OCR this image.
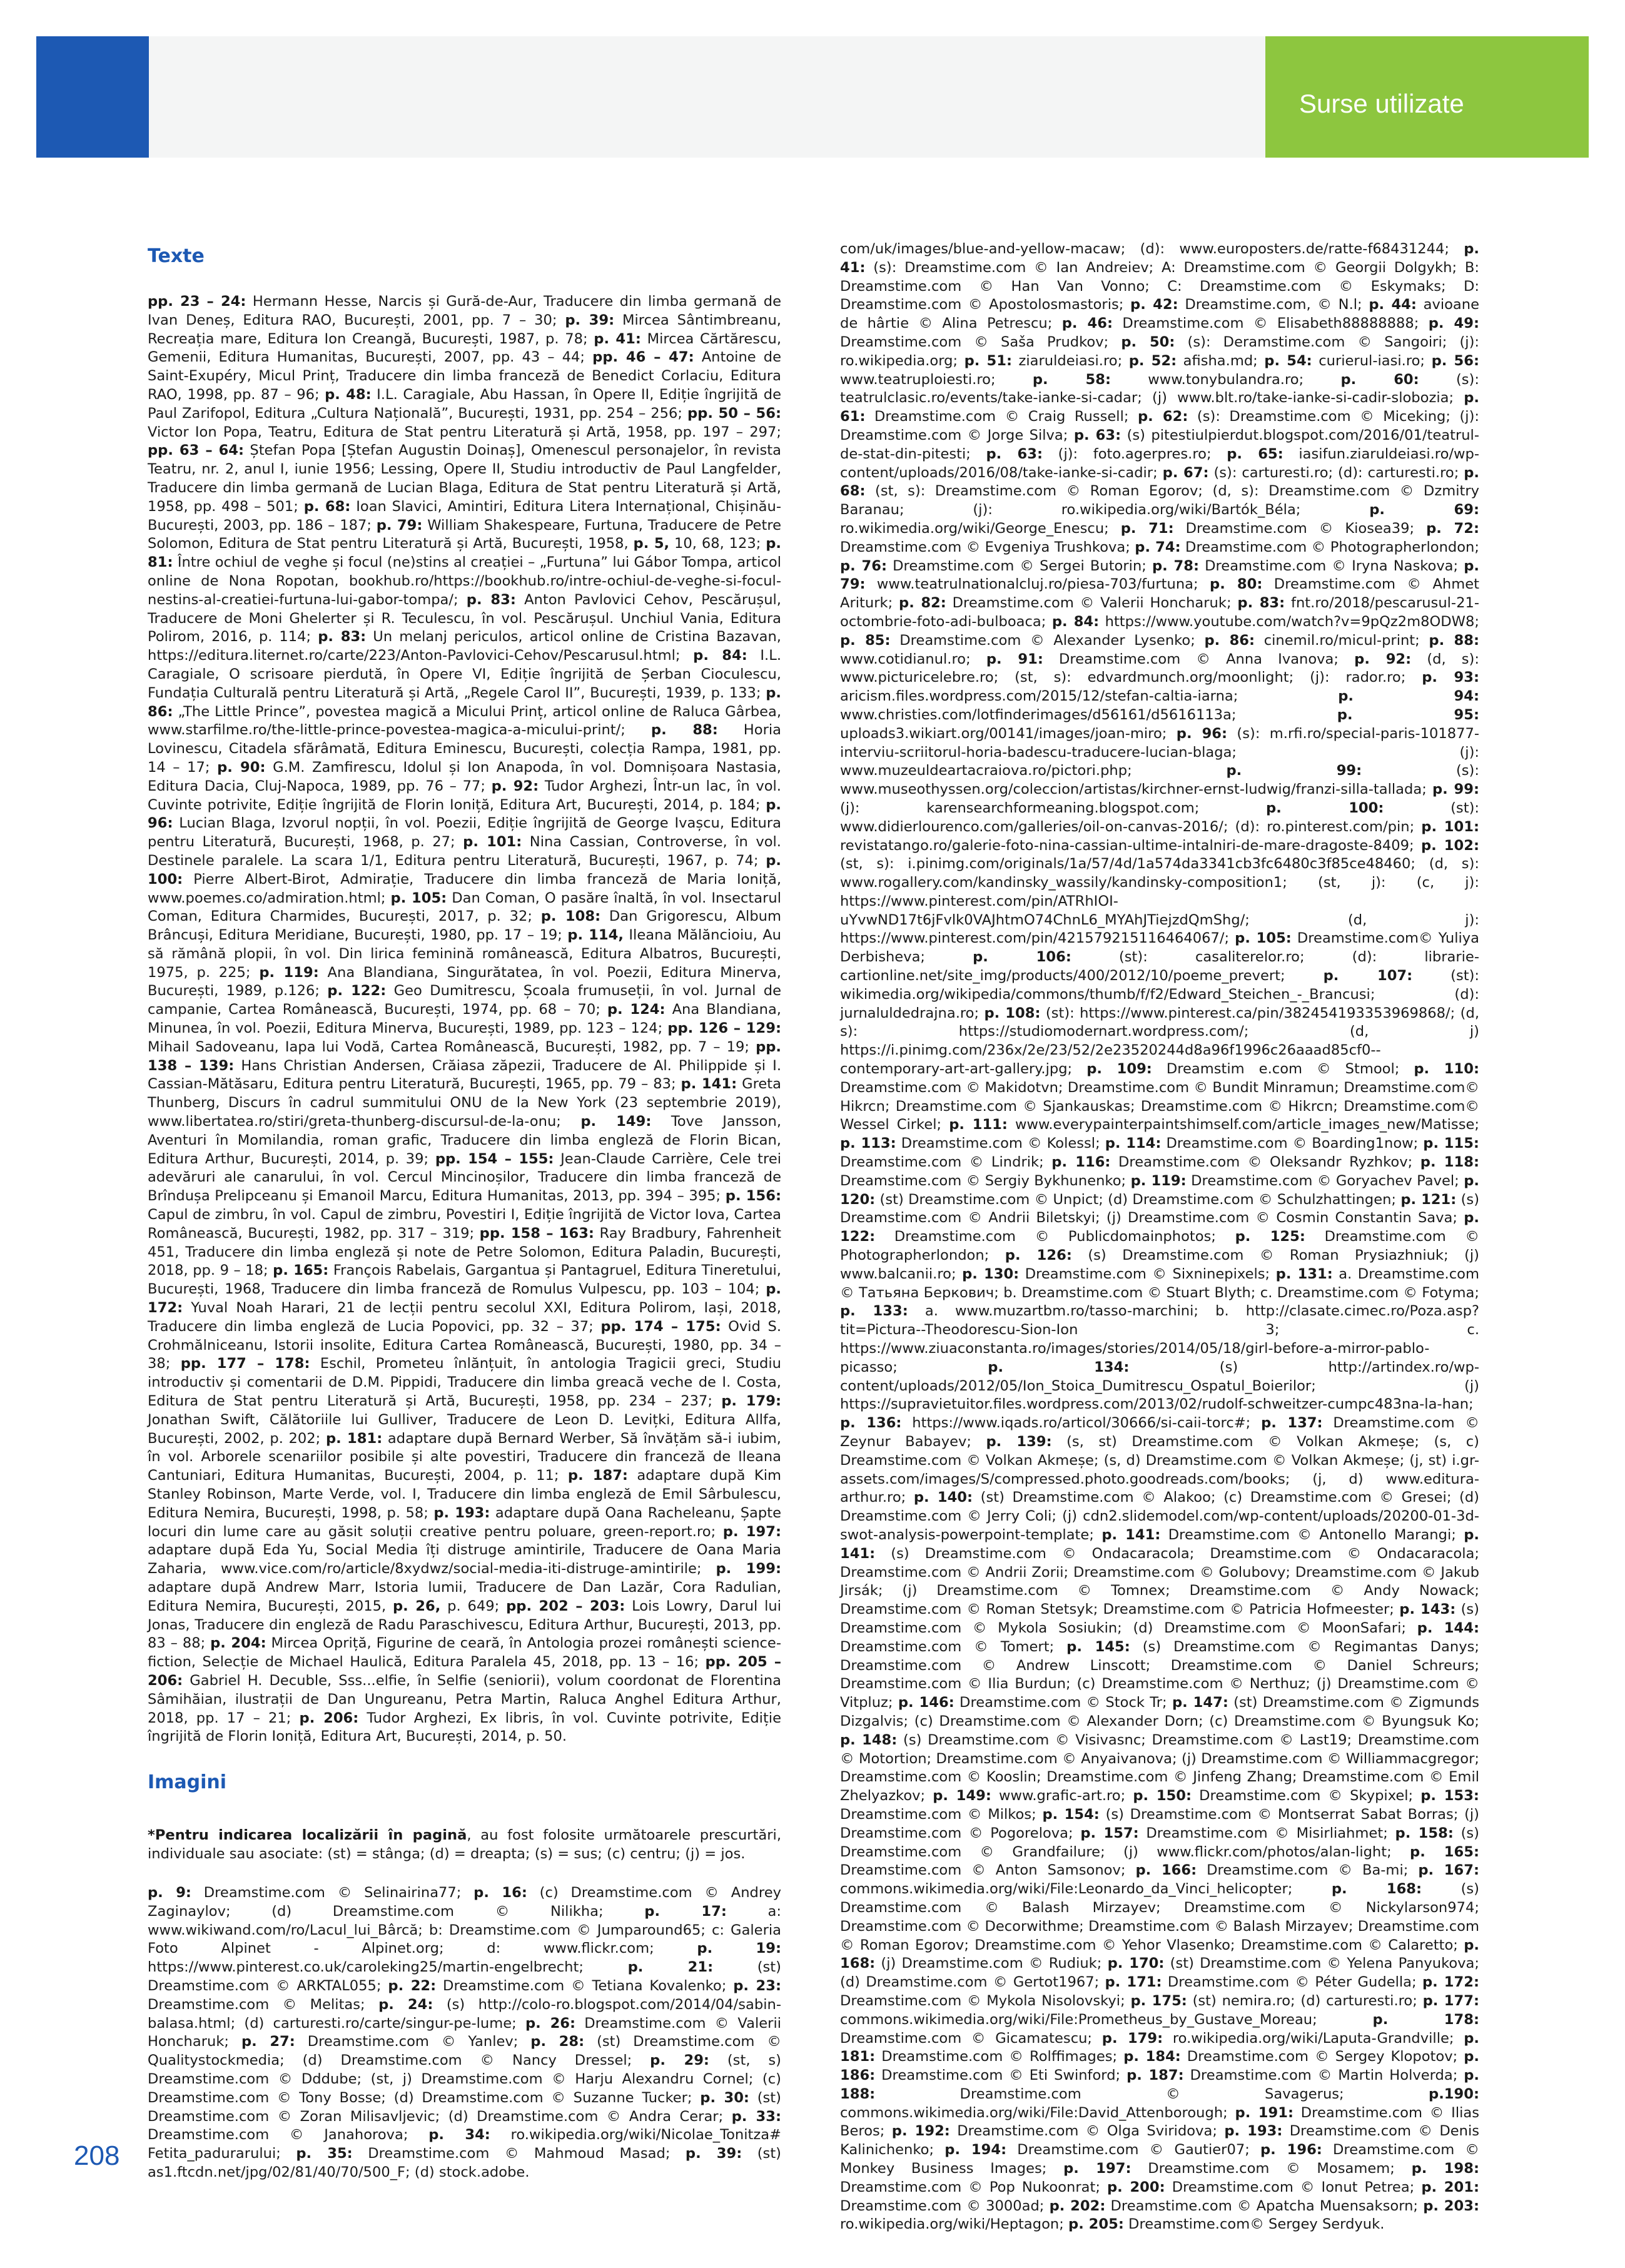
Surse utilizate
Texte

pp. 23 – 24: Hermann Hesse, Narcis și Gură-de-Aur, Traducere din limba germană de Ivan Deneș, Editura RAO, București, 2001, pp. 7 – 30; p. 39: Mircea Sântimbreanu, Recreația mare, Editura Ion Creangă, București, 1987, p. 78; p. 41: Mircea Cărtărescu, Gemenii, Editura Humanitas, București, 2007, pp. 43 – 44; pp. 46 – 47: Antoine de Saint-Exupéry, Micul Prinț, Traducere din limba franceză de Benedict Corlaciu, Editura RAO, 1998, pp. 87 – 96; p. 48: I.L. Caragiale, Abu Hassan, în Opere II, Ediție îngrijită de Paul Zarifopol, Editura „Cultura Națională”, București, 1931, pp. 254 – 256; pp. 50 – 56: Victor Ion Popa, Teatru, Editura de Stat pentru Literatură și Artă, 1958, pp. 197 – 297; pp. 63 – 64: Ștefan Popa [Ștefan Augustin Doinaș], Omenescul personajelor, în revista Teatru, nr. 2, anul I, iunie 1956; Lessing, Opere II, Studiu introductiv de Paul Langfelder, Traducere din limba germană de Lucian Blaga, Editura de Stat pentru Literatură și Artă, 1958, pp. 498 – 501; p. 68: Ioan Slavici, Amintiri, Editura Litera Internațional, Chișinău-București, 2003, pp. 186 – 187; p. 79: William Shakespeare, Furtuna, Traducere de Petre Solomon, Editura de Stat pentru Literatură și Artă, București, 1958, p. 5, 10, 68, 123; p. 81: Între ochiul de veghe și focul (ne)stins al creației – „Furtuna” lui Gábor Tompa, articol online de Nona Ropotan, bookhub.ro/https://bookhub.ro/intre-ochiul-de-veghe-si-focul-nestins-al-creatiei-furtuna-lui-gabor-tompa/; p. 83: Anton Pavlovici Cehov, Pescărușul, Traducere de Moni Ghelerter și R. Teculescu, în vol. Pescărușul. Unchiul Vania, Editura Polirom, 2016, p. 114; p. 83: Un melanj periculos, articol online de Cristina Bazavan, https://editura.liternet.ro/carte/223/Anton-Pavlovici-Cehov/Pescarusul.html; p. 84: I.L. Caragiale, O scrisoare pierdută, în Opere VI, Ediție îngrijită de Șerban Cioculescu, Fundația Culturală pentru Literatură și Artă, „Regele Carol II”, București, 1939, p. 133; p. 86: „The Little Prince”, povestea magică a Micului Prinț, articol online de Raluca Gârbea, www.starfilme.ro/the-little-prince-povestea-magica-a-micului-print/; p. 88: Horia Lovinescu, Citadela sfărâmată, Editura Eminescu, București, colecția Rampa, 1981, pp. 14 – 17; p. 90: G.M. Zamfirescu, Idolul și Ion Anapoda, în vol. Domnișoara Nastasia, Editura Dacia, Cluj-Napoca, 1989, pp. 76 – 77; p. 92: Tudor Arghezi, Într-un lac, în vol. Cuvinte potrivite, Ediție îngrijită de Florin Ioniță, Editura Art, București, 2014, p. 184; p. 96: Lucian Blaga, Izvorul nopții, în vol. Poezii, Ediție îngrijită de George Ivașcu, Editura pentru Literatură, București, 1968, p. 27; p. 101: Nina Cassian, Controverse, în vol. Destinele paralele. La scara 1/1, Editura pentru Literatură, București, 1967, p. 74; p. 100: Pierre Albert-Birot, Admirație, Traducere din limba franceză de Maria Ioniță, www.poemes.co/admiration.html; p. 105: Dan Coman, O pasăre înaltă, în vol. Insectarul Coman, Editura Charmides, București, 2017, p. 32; p. 108: Dan Grigorescu, Album Brâncuși, Editura Meridiane, București, 1980, pp. 17 – 19; p. 114, Ileana Mălăncioiu, Au să rămână plopii, în vol. Din lirica feminină românească, Editura Albatros, București, 1975, p. 225; p. 119: Ana Blandiana, Singurătatea, în vol. Poezii, Editura Minerva, București, 1989, p.126; p. 122: Geo Dumitrescu, Școala frumuseții, în vol. Jurnal de campanie, Cartea Românească, București, 1974, pp. 68 – 70; p. 124: Ana Blandiana, Minunea, în vol. Poezii, Editura Minerva, București, 1989, pp. 123 – 124; pp. 126 – 129: Mihail Sadoveanu, Iapa lui Vodă, Cartea Românească, București, 1982, pp. 7 – 19; pp. 138 – 139: Hans Christian Andersen, Crăiasa zăpezii, Traducere de Al. Philippide și I. Cassian-Mătăsaru, Editura pentru Literatură, București, 1965, pp. 79 – 83; p. 141: Greta Thunberg, Discurs în cadrul summitului ONU de la New York (23 septembrie 2019), www.libertatea.ro/stiri/greta-thunberg-discursul-de-la-onu; p. 149: Tove Jansson, Aventuri în Momilandia, roman grafic, Traducere din limba engleză de Florin Bican, Editura Arthur, București, 2014, p. 39; pp. 154 – 155: Jean-Claude Carrière, Cele trei adevăruri ale canarului, în vol. Cercul Mincinoșilor, Traducere din limba franceză de Brîndușa Prelipceanu și Emanoil Marcu, Editura Humanitas, 2013, pp. 394 – 395; p. 156: Capul de zimbru, în vol. Capul de zimbru, Povestiri I, Ediție îngrijită de Victor Iova, Cartea Românească, București, 1982, pp. 317 – 319; pp. 158 – 163: Ray Bradbury, Fahrenheit 451, Traducere din limba engleză și note de Petre Solomon, Editura Paladin, București, 2018, pp. 9 – 18; p. 165: François Rabelais, Gargantua și Pantagruel, Editura Tineretului, București, 1968, Traducere din limba franceză de Romulus Vulpescu, pp. 103 – 104; p. 172: Yuval Noah Harari, 21 de lecții pentru secolul XXI, Editura Polirom, Iași, 2018, Traducere din limba engleză de Lucia Popovici, pp. 32 – 37; pp. 174 – 175: Ovid S. Crohmălniceanu, Istorii insolite, Editura Cartea Românească, București, 1980, pp. 34 – 38; pp. 177 – 178: Eschil, Prometeu înlănțuit, în antologia Tragicii greci, Studiu introductiv și comentarii de D.M. Pippidi, Traducere din limba greacă veche de I. Costa, Editura de Stat pentru Literatură și Artă, București, 1958, pp. 234 – 237; p. 179: Jonathan Swift, Călătoriile lui Gulliver, Traducere de Leon D. Levițki, Editura Allfa, București, 2002, p. 202; p. 181: adaptare după Bernard Werber, Să învățăm să-i iubim, în vol. Arborele scenariilor posibile și alte povestiri, Traducere din franceză de Ileana Cantuniari, Editura Humanitas, București, 2004, p. 11; p. 187: adaptare după Kim Stanley Robinson, Marte Verde, vol. I, Traducere din limba engleză de Emil Sârbulescu, Editura Nemira, București, 1998, p. 58; p. 193: adaptare după Oana Racheleanu, Șapte locuri din lume care au găsit soluții creative pentru poluare, green-report.ro; p. 197: adaptare după Eda Yu, Social Media îți distruge amintirile, Traducere de Oana Maria Zaharia, www.vice.com/ro/article/8xydwz/social-media-iti-distruge-amintirile; p. 199: adaptare după Andrew Marr, Istoria lumii, Traducere de Dan Lazăr, Cora Radulian, Editura Nemira, București, 2015, p. 26, p. 649; pp. 202 – 203: Lois Lowry, Darul lui Jonas, Traducere din engleză de Radu Paraschivescu, Editura Arthur, București, 2013, pp. 83 – 88; p. 204: Mircea Opriță, Figurine de ceară, în Antologia prozei românești science-fiction, Selecție de Michael Haulică, Editura Paralela 45, 2018, pp. 13 – 16; pp. 205 – 206: Gabriel H. Decuble, Sss...elfie, în Selfie (seniorii), volum coordonat de Florentina Sâmihăian, ilustrații de Dan Ungureanu, Petra Martin, Raluca Anghel Editura Arthur, 2018, pp. 17 – 21; p. 206: Tudor Arghezi, Ex libris, în vol. Cuvinte potrivite, Ediție îngrijită de Florin Ioniță, Editura Art, București, 2014, p. 50.

Imagini
*Pentru indicarea localizării în pagină, au fost folosite următoarele prescurtări, individuale sau asociate: (st) = stânga; (d) = dreapta; (s) = sus; (c) centru; (j) = jos.

p. 9: Dreamstime.com © Selinairina77; p. 16: (c) Dreamstime.com © Andrey Zaginaylov; (d) Dreamstime.com © Nilikha; p. 17: a: www.wikiwand.com/ro/Lacul_lui_Bârcă; b: Dreamstime.com © Jumparound65; c: Galeria Foto Alpinet - Alpinet.org; d: www.flickr.com; p. 19: https://www.pinterest.co.uk/caroleking25/martin-engelbrecht; p. 21: (st) Dreamstime.com © ARKTAL055; p. 22: Dreamstime.com © Tetiana Kovalenko; p. 23: Dreamstime.com © Melitas; p. 24: (s) http://colo-ro.blogspot.com/2014/04/sabin-balasa.html; (d) carturesti.ro/carte/singur-pe-lume; p. 26: Dreamstime.com © Valerii Honcharuk; p. 27: Dreamstime.com © Yanlev; p. 28: (st) Dreamstime.com © Qualitystockmedia; (d) Dreamstime.com © Nancy Dressel; p. 29: (st, s) Dreamstime.com © Dddube; (st, j) Dreamstime.com © Harju Alexandru Cornel; (c) Dreamstime.com © Tony Bosse; (d) Dreamstime.com © Suzanne Tucker; p. 30: (st) Dreamstime.com © Zoran Milisavljevic; (d) Dreamstime.com © Andra Cerar; p. 33: Dreamstime.com © Janahorova; p. 34: ro.wikipedia.org/wiki/Nicolae_Tonitza# Fetita_padurarului; p. 35: Dreamstime.com © Mahmoud Masad; p. 39: (st) as1.ftcdn.net/jpg/02/81/40/70/500_F; (d) stock.adobe.

com/uk/images/blue-and-yellow-macaw; (d): www.europosters.de/ratte-f68431244; p. 41: (s): Dreamstime.com © Ian Andreiev; A: Dreamstime.com © Georgii Dolgykh; B: Dreamstime.com © Han Van Vonno; C: Dreamstime.com © Eskymaks; D: Dreamstime.com © Apostolosmastoris; p. 42: Dreamstime.com, © N.l; p. 44: avioane de hârtie © Alina Petrescu; p. 46: Dreamstime.com © Elisabeth88888888; p. 49: Dreamstime.com © Saša Prudkov; p. 50: (s): Deramstime.com © Sangoiri; (j): ro.wikipedia.org; p. 51: ziaruldeiasi.ro; p. 52: afisha.md; p. 54: curierul-iasi.ro; p. 56: www.teatruploiesti.ro; p. 58: www.tonybulandra.ro; p. 60: (s): teatrulclasic.ro/events/take-ianke-si-cadar; (j) www.blt.ro/take-ianke-si-cadir-slobozia; p. 61: Dreamstime.com © Craig Russell; p. 62: (s): Dreamstime.com © Miceking; (j): Dreamstime.com © Jorge Silva; p. 63: (s) pitestiulpierdut.blogspot.com/2016/01/teatrul-de-stat-din-pitesti; p. 63: (j): foto.agerpres.ro; p. 65: iasifun.ziaruldeiasi.ro/wp-content/uploads/2016/08/take-ianke-si-cadir; p. 67: (s): carturesti.ro; (d): carturesti.ro; p. 68: (st, s): Dreamstime.com © Roman Egorov; (d, s): Dreamstime.com © Dzmitry Baranau; (j): ro.wikipedia.org/wiki/Bartók_Béla; p. 69: ro.wikimedia.org/wiki/George_Enescu; p. 71: Dreamstime.com © Kiosea39; p. 72: Dreamstime.com © Evgeniya Trushkova; p. 74: Dreamstime.com © Photographerlondon; p. 76: Dreamstime.com © Sergei Butorin; p. 78: Dreamstime.com © Iryna Naskova; p. 79: www.teatrulnationalcluj.ro/piesa-703/furtuna; p. 80: Dreamstime.com © Ahmet Ariturk; p. 82: Dreamstime.com © Valerii Honcharuk; p. 83: fnt.ro/2018/pescarusul-21-octombrie-foto-adi-bulboaca; p. 84: https://www.youtube.com/watch?v=9pQz2m8ODW8; p. 85: Dreamstime.com © Alexander Lysenko; p. 86: cinemil.ro/micul-print; p. 88: www.cotidianul.ro; p. 91: Dreamstime.com © Anna Ivanova; p. 92: (d, s): www.picturicelebre.ro; (st, s): edvardmunch.org/moonlight; (j): rador.ro; p. 93: aricism.files.wordpress.com/2015/12/stefan-caltia-iarna; p. 94: www.christies.com/lotfinderimages/d56161/d5616113a; p. 95: uploads3.wikiart.org/00141/images/joan-miro; p. 96: (s): m.rfi.ro/special-paris-101877-interviu-scriitorul-horia-badescu-traducere-lucian-blaga; (j): www.muzeuldeartacraiova.ro/pictori.php; p. 99: (s): www.museothyssen.org/coleccion/artistas/kirchner-ernst-ludwig/franzi-silla-tallada; p. 99: (j): karensearchformeaning.blogspot.com; p. 100: (st): www.didierlourenco.com/galleries/oil-on-canvas-2016/; (d): ro.pinterest.com/pin; p. 101: revistatango.ro/galerie-foto-nina-cassian-ultime-intalniri-de-mare-dragoste-8409; p. 102: (st, s): i.pinimg.com/originals/1a/57/4d/1a574da3341cb3fc6480c3f85ce48460; (d, s): www.rogallery.com/kandinsky_wassily/kandinsky-composition1; (st, j): (c, j): https://www.pinterest.com/pin/ATRhIOI-uYvwND17t6jFvlk0VAJhtmO74ChnL6_MYAhJTiejzdQmShg/; (d, j): https://www.pinterest.com/pin/421579215116464067/; p. 105: Dreamstime.com© Yuliya Derbisheva; p. 106: (st): casaliterelor.ro; (d): librarie-cartionline.net/site_img/products/400/2012/10/poeme_prevert; p. 107: (st): wikimedia.org/wikipedia/commons/thumb/f/f2/Edward_Steichen_-_Brancusi; (d): jurnaluldedrajna.ro; p. 108: (st): https://www.pinterest.ca/pin/382454193353969868/; (d, s): https://studiomodernart.wordpress.com/; (d, j) https://i.pinimg.com/236x/2e/23/52/2e23520244d8a96f1996c26aaad85cf0--contemporary-art-art-gallery.jpg; p. 109: Dreamstim e.com © Stmool; p. 110: Dreamstime.com © Makidotvn; Dreamstime.com © Bundit Minramun; Dreamstime.com© Hikrcn; Dreamstime.com © Sjankauskas; Dreamstime.com © Hikrcn; Dreamstime.com© Wessel Cirkel; p. 111: www.everypainterpaintshimself.com/article_images_new/Matisse; p. 113: Dreamstime.com © Kolessl; p. 114: Dreamstime.com © Boarding1now; p. 115: Dreamstime.com © Lindrik; p. 116: Dreamstime.com © Oleksandr Ryzhkov; p. 118: Dreamstime.com © Sergiy Bykhunenko; p. 119: Dreamstime.com © Goryachev Pavel; p. 120: (st) Dreamstime.com © Unpict; (d) Dreamstime.com © Schulzhattingen; p. 121: (s) Dreamstime.com © Andrii Biletskyi; (j) Dreamstime.com © Cosmin Constantin Sava; p. 122: Dreamstime.com © Publicdomainphotos; p. 125: Dreamstime.com © Photographerlondon; p. 126: (s) Dreamstime.com © Roman Prysiazhniuk; (j) www.balcanii.ro; p. 130: Dreamstime.com © Sixninepixels; p. 131: a. Dreamstime.com © Татьяна Беркович; b. Dreamstime.com © Stuart Blyth; c. Dreamstime.com © Fotyma; p. 133: a. www.muzartbm.ro/tasso-marchini; b. http://clasate.cimec.ro/Poza.asp?tit=Pictura--Theodorescu-Sion-Ion 3; c. https://www.ziuaconstanta.ro/images/stories/2014/05/18/girl-before-a-mirror-pablo-picasso; p. 134: (s) http://artindex.ro/wp-content/uploads/2012/05/Ion_Stoica_Dumitrescu_Ospatul_Boierilor; (j) https://supravietuitor.files.wordpress.com/2013/02/rudolf-schweitzer-cumpc483na-la-han; p. 136: https://www.iqads.ro/articol/30666/si-caii-torc#; p. 137: Dreamstime.com © Zeynur Babayev; p. 139: (s, st) Dreamstime.com © Volkan Akmeșe; (s, c) Dreamstime.com © Volkan Akmeșe; (s, d) Dreamstime.com © Volkan Akmeșe; (j, st) i.gr-assets.com/images/S/compressed.photo.goodreads.com/books; (j, d) www.editura-arthur.ro; p. 140: (st) Dreamstime.com © Alakoo; (c) Dreamstime.com © Gresei; (d) Dreamstime.com © Jerry Coli; (j) cdn2.slidemodel.com/wp-content/uploads/20200-01-3d-swot-analysis-powerpoint-template; p. 141: Dreamstime.com © Antonello Marangi; p. 141: (s) Dreamstime.com © Ondacaracola; Dreamstime.com © Ondacaracola; Dreamstime.com © Andrii Zorii; Dreamstime.com © Golubovy; Dreamstime.com © Jakub Jirsák; (j) Dreamstime.com © Tomnex; Dreamstime.com © Andy Nowack; Dreamstime.com © Roman Stetsyk; Dreamstime.com © Patricia Hofmeester; p. 143: (s) Dreamstime.com © Mykola Sosiukin; (d) Dreamstime.com © MoonSafari; p. 144: Dreamstime.com © Tomert; p. 145: (s) Dreamstime.com © Regimantas Danys; Dreamstime.com © Andrew Linscott; Dreamstime.com © Daniel Schreurs; Dreamstime.com © Ilia Burdun; (c) Dreamstime.com © Nerthuz; (j) Dreamstime.com © Vitpluz; p. 146: Dreamstime.com © Stock Tr; p. 147: (st) Dreamstime.com © Zigmunds Dizgalvis; (c) Dreamstime.com © Alexander Dorn; (c) Dreamstime.com © Byungsuk Ko; p. 148: (s) Dreamstime.com © Visivasnc; Dreamstime.com © Last19; Dreamstime.com © Motortion; Dreamstime.com © Anyaivanova; (j) Dreamstime.com © Williammacgregor; Dreamstime.com © Kooslin; Dreamstime.com © Jinfeng Zhang; Dreamstime.com © Emil Zhelyazkov; p. 149: www.grafic-art.ro; p. 150: Dreamstime.com © Skypixel; p. 153: Dreamstime.com © Milkos; p. 154: (s) Dreamstime.com © Montserrat Sabat Borras; (j) Dreamstime.com © Pogorelova; p. 157: Dreamstime.com © Misirliahmet; p. 158: (s) Dreamstime.com © Grandfailure; (j) www.flickr.com/photos/alan-light; p. 165: Dreamstime.com © Anton Samsonov; p. 166: Dreamstime.com © Ba-mi; p. 167: commons.wikimedia.org/wiki/File:Leonardo_da_Vinci_helicopter; p. 168: (s) Dreamstime.com © Balash Mirzayev; Dreamstime.com © Nickylarson974; Dreamstime.com © Decorwithme; Dreamstime.com © Balash Mirzayev; Dreamstime.com © Roman Egorov; Dreamstime.com © Yehor Vlasenko; Dreamstime.com © Calaretto; p. 168: (j) Dreamstime.com © Rudiuk; p. 170: (st) Dreamstime.com © Yelena Panyukova; (d) Dreamstime.com © Gertot1967; p. 171: Dreamstime.com © Péter Gudella; p. 172: Dreamstime.com © Mykola Nisolovskyi; p. 175: (st) nemira.ro; (d) carturesti.ro; p. 177: commons.wikimedia.org/wiki/File:Prometheus_by_Gustave_Moreau; p. 178: Dreamstime.com © Gicamatescu; p. 179: ro.wikipedia.org/wiki/Laputa-Grandville; p. 181: Dreamstime.com © Rolffimages; p. 184: Dreamstime.com © Sergey Klopotov; p. 186: Dreamstime.com © Eti Swinford; p. 187: Dreamstime.com © Martin Holverda; p. 188: Dreamstime.com © Savagerus; p.190: commons.wikimedia.org/wiki/File:David_Attenborough; p. 191: Dreamstime.com © Ilias Beros; p. 192: Dreamstime.com © Olga Sviridova; p. 193: Dreamstime.com © Denis Kalinichenko; p. 194: Dreamstime.com © Gautier07; p. 196: Dreamstime.com © Monkey Business Images; p. 197: Dreamstime.com © Mosamem; p. 198: Dreamstime.com © Pop Nukoonrat; p. 200: Dreamstime.com © Ionut Petrea; p. 201: Dreamstime.com © 3000ad; p. 202: Dreamstime.com © Apatcha Muensaksorn; p. 203: ro.wikipedia.org/wiki/Heptagon; p. 205: Dreamstime.com© Sergey Serdyuk.

208
